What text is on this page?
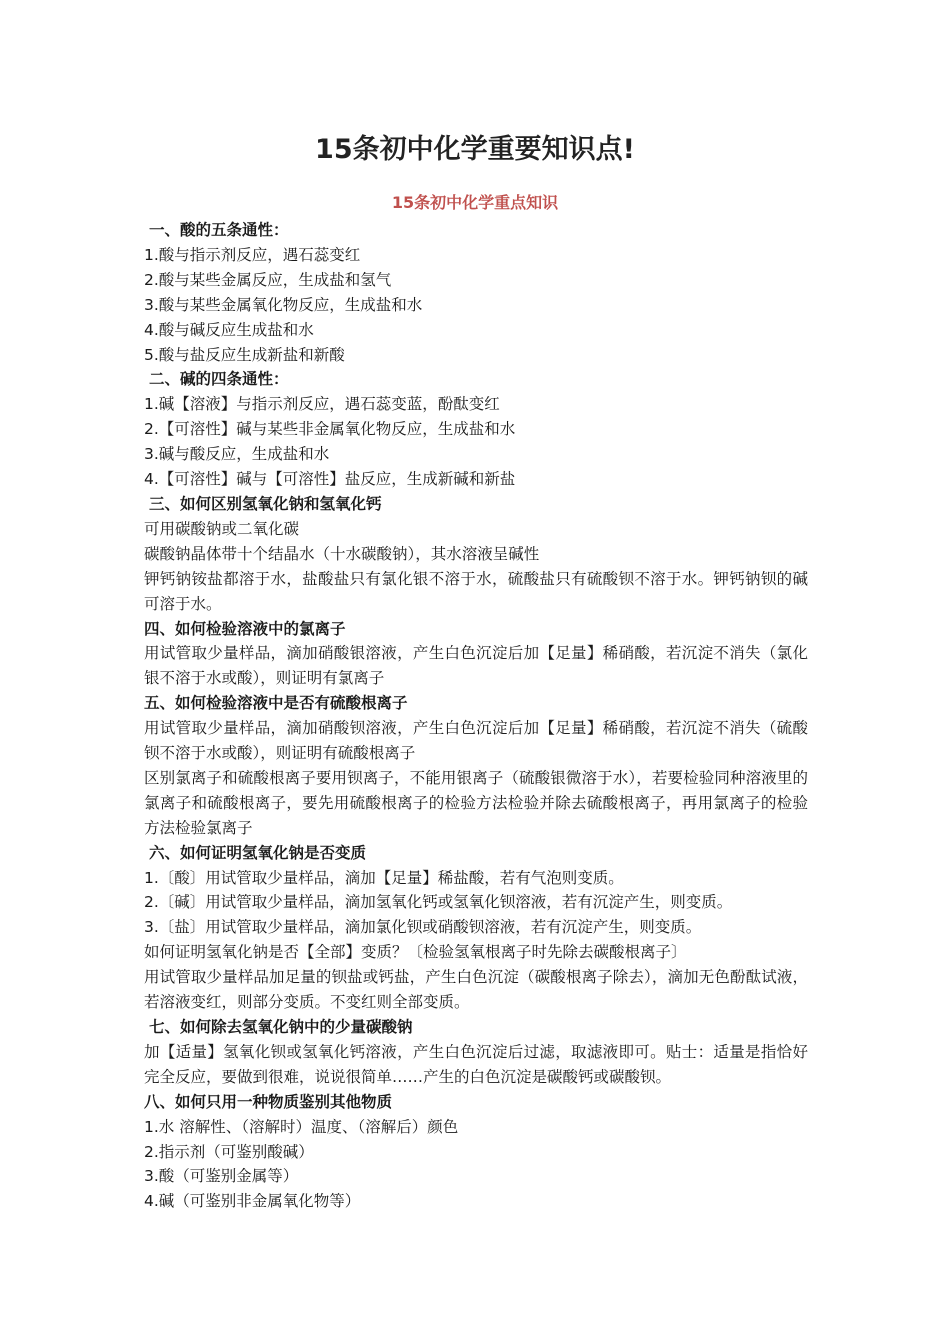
15条初中化学重要知识点!
15条初中化学重点知识
一、酸的五条通性：
1.酸与指示剂反应，遇石蕊变红
2.酸与某些金属反应，生成盐和氢气
3.酸与某些金属氧化物反应，生成盐和水
4.酸与碱反应生成盐和水
5.酸与盐反应生成新盐和新酸
二、碱的四条通性：
1.碱【溶液】与指示剂反应，遇石蕊变蓝，酚酞变红
2.【可溶性】碱与某些非金属氧化物反应，生成盐和水
3.碱与酸反应，生成盐和水
4.【可溶性】碱与【可溶性】盐反应，生成新碱和新盐
三、如何区别氢氧化钠和氢氧化钙
可用碳酸钠或二氧化碳
碳酸钠晶体带十个结晶水（十水碳酸钠），其水溶液呈碱性
钾钙钠铵盐都溶于水，盐酸盐只有氯化银不溶于水，硫酸盐只有硫酸钡不溶于水。钾钙钠钡的碱可溶于水。
四、如何检验溶液中的氯离子
用试管取少量样品，滴加硝酸银溶液，产生白色沉淀后加【足量】稀硝酸，若沉淀不消失（氯化银不溶于水或酸），则证明有氯离子
五、如何检验溶液中是否有硫酸根离子
用试管取少量样品，滴加硝酸钡溶液，产生白色沉淀后加【足量】稀硝酸，若沉淀不消失（硫酸钡不溶于水或酸），则证明有硫酸根离子
区别氯离子和硫酸根离子要用钡离子，不能用银离子（硫酸银微溶于水），若要检验同种溶液里的氯离子和硫酸根离子，要先用硫酸根离子的检验方法检验并除去硫酸根离子，再用氯离子的检验方法检验氯离子
六、如何证明氢氧化钠是否变质
1.〔酸〕用试管取少量样品，滴加【足量】稀盐酸，若有气泡则变质。
2.〔碱〕用试管取少量样品，滴加氢氧化钙或氢氧化钡溶液，若有沉淀产生，则变质。
3.〔盐〕用试管取少量样品，滴加氯化钡或硝酸钡溶液，若有沉淀产生，则变质。
如何证明氢氧化钠是否【全部】变质？〔检验氢氧根离子时先除去碳酸根离子〕
用试管取少量样品加足量的钡盐或钙盐，产生白色沉淀（碳酸根离子除去），滴加无色酚酞试液，若溶液变红，则部分变质。不变红则全部变质。
七、如何除去氢氧化钠中的少量碳酸钠
加【适量】氢氧化钡或氢氧化钙溶液，产生白色沉淀后过滤，取滤液即可。贴士：适量是指恰好完全反应，要做到很难，说说很简单……产生的白色沉淀是碳酸钙或碳酸钡。
八、如何只用一种物质鉴别其他物质
1.水 溶解性、（溶解时）温度、（溶解后）颜色
2.指示剂（可鉴别酸碱）
3.酸（可鉴别金属等）
4.碱（可鉴别非金属氧化物等）
